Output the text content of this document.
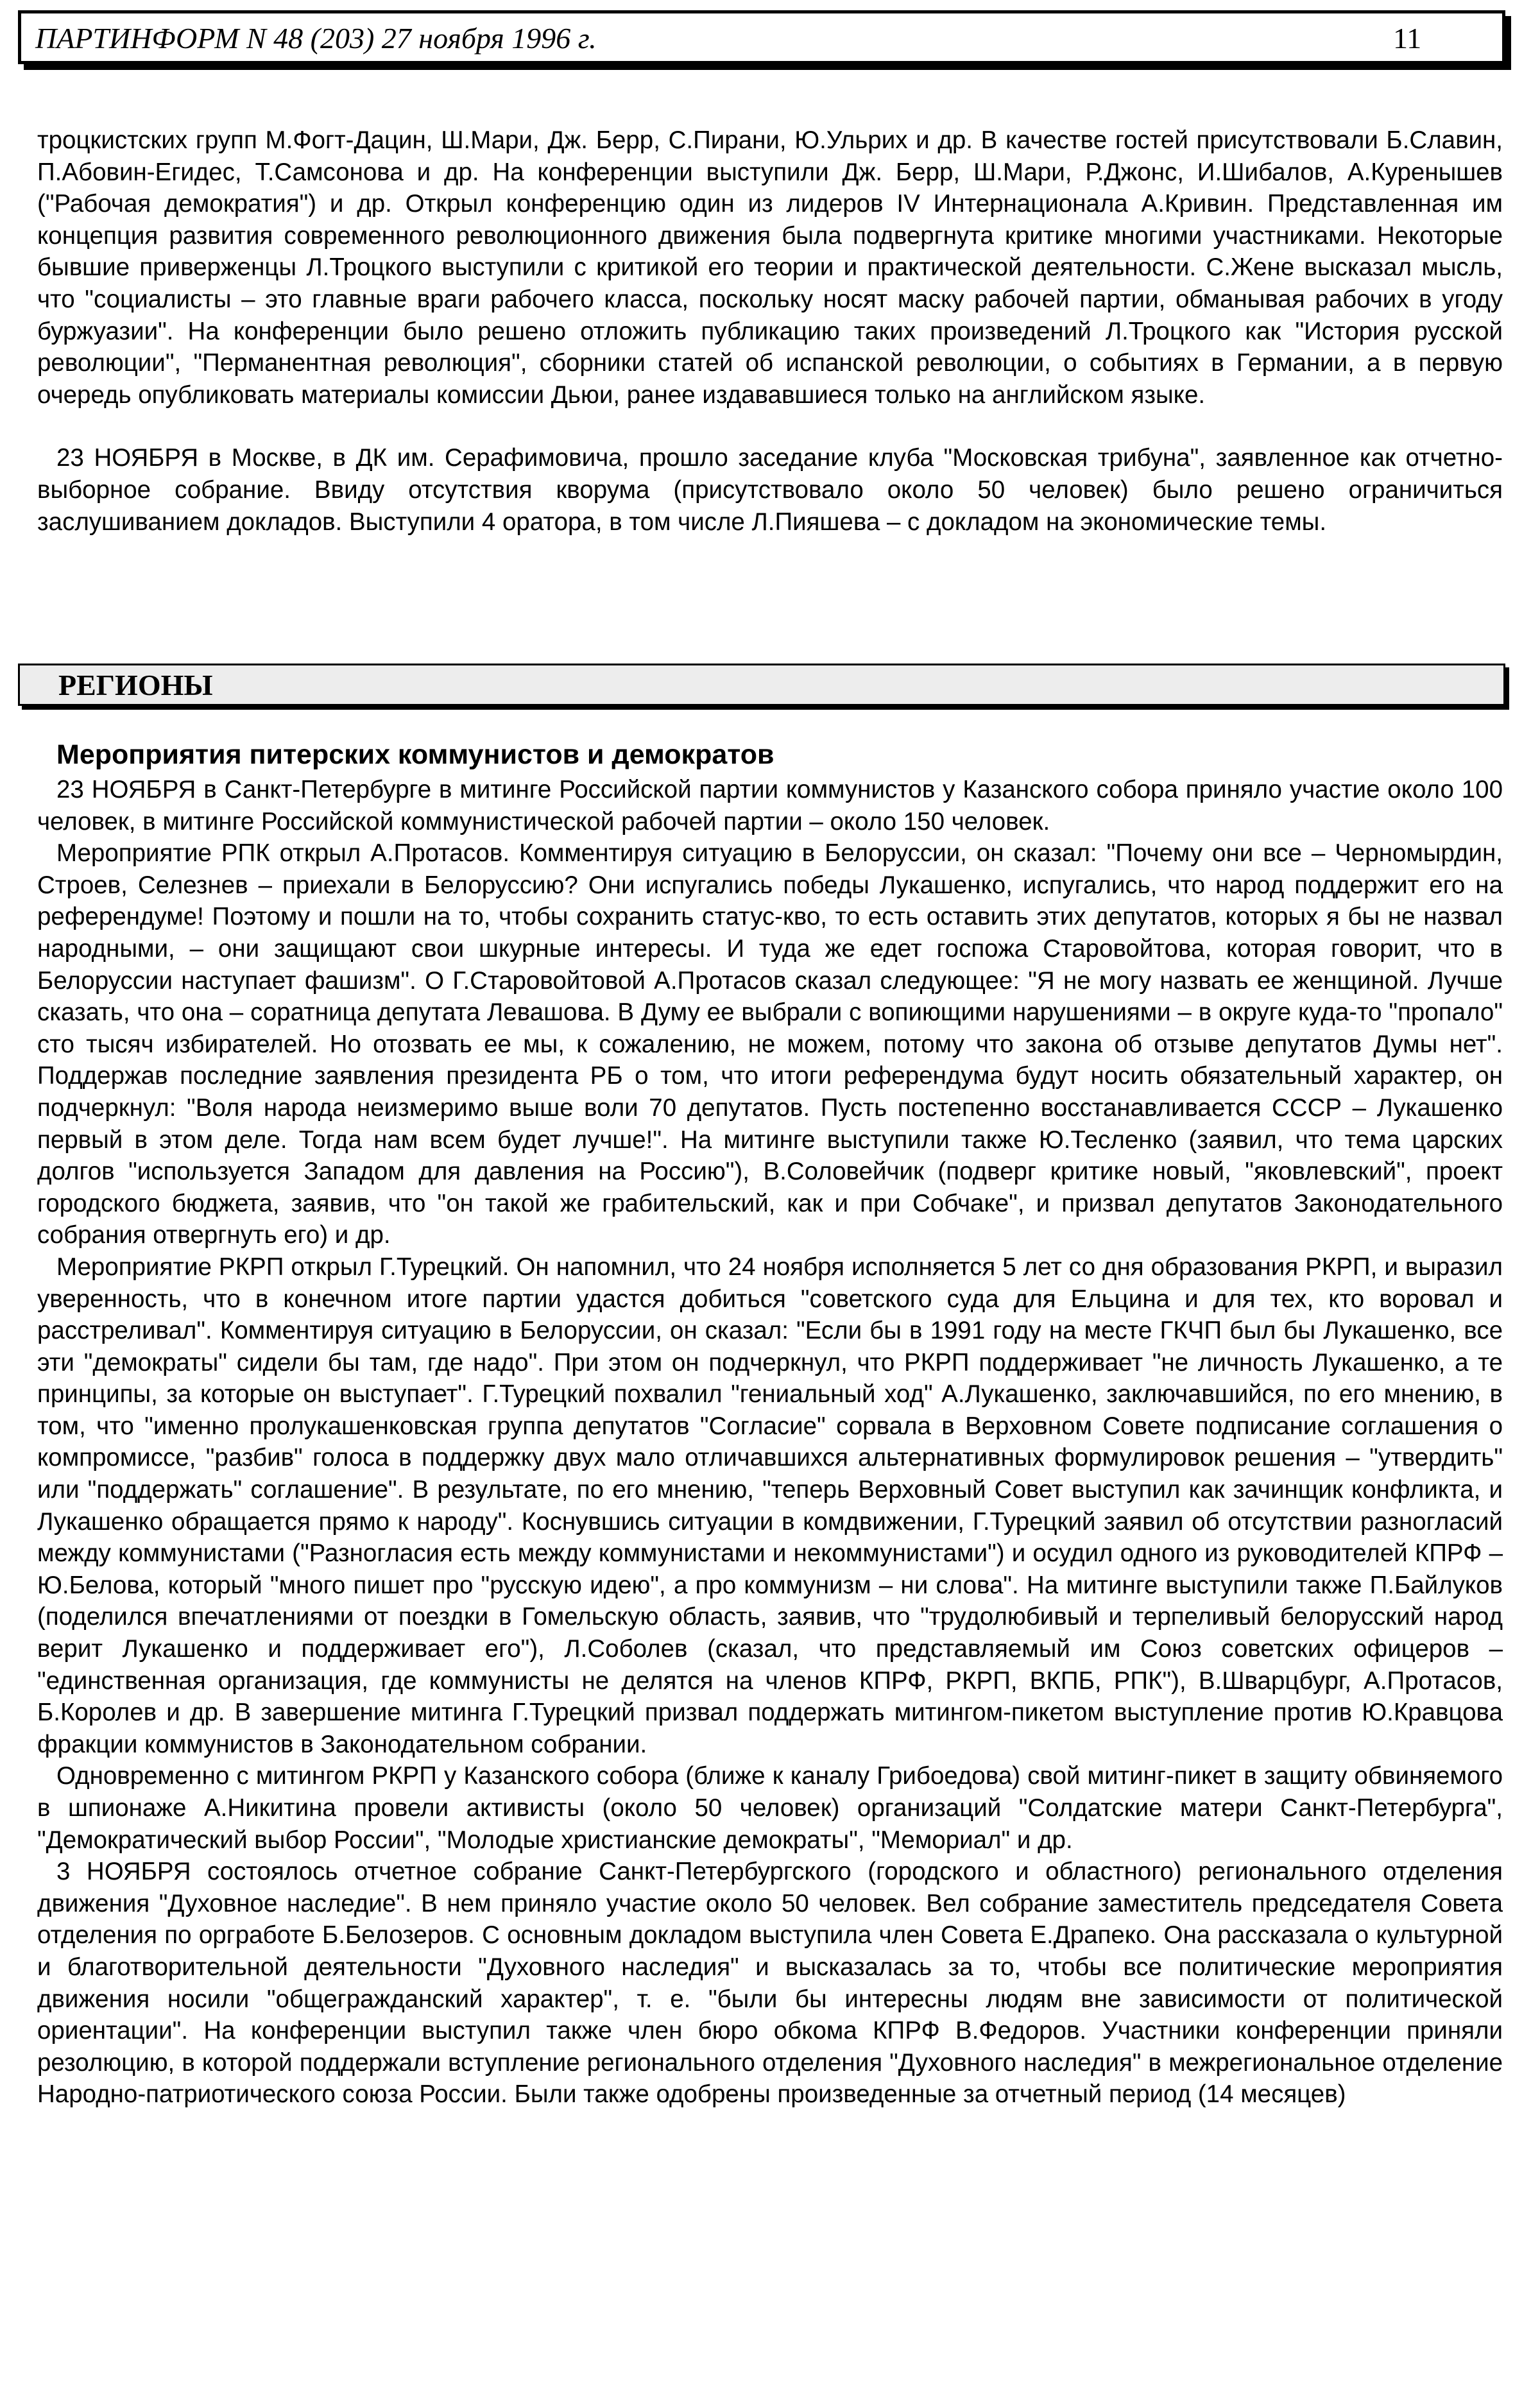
ПАРТИНФОРМ N 48 (203) 27 ноября 1996 г.	11

троцкистских групп М.Фогт-Дацин, Ш.Мари, Дж. Берр, С.Пирани, Ю.Ульрих и др. В качестве гостей присутствовали Б.Славин, П.Абовин-Егидес, Т.Самсонова и др. На конференции выступили Дж. Берр, Ш.Мари, Р.Джонс, И.Шибалов, А.Куренышев ("Рабочая демократия") и др. Открыл конференцию один из лидеров IV Интернационала А.Кривин. Представленная им концепция развития современного революционного движения была подвергнута критике многими участниками. Некоторые бывшие приверженцы Л.Троцкого выступили с критикой его теории и практической деятельности. С.Жене высказал мысль, что "социалисты – это главные враги рабочего класса, поскольку носят маску рабочей партии, обманывая рабочих в угоду буржуазии". На конференции было решено отложить публикацию таких произведений Л.Троцкого как "История русской революции", "Перманентная революция", сборники статей об испанской революции, о событиях в Германии, а в первую очередь опубликовать материалы комиссии Дьюи, ранее издававшиеся только на английском языке.

23 НОЯБРЯ в Москве, в ДК им. Серафимовича, прошло заседание клуба "Московская трибуна", заявленное как отчетно-выборное собрание. Ввиду отсутствия кворума (присутствовало около 50 человек) было решено ограничиться заслушиванием докладов. Выступили 4 оратора, в том числе Л.Пияшева – с докладом на экономические темы.

РЕГИОНЫ
Мероприятия питерских коммунистов и демократов

23 НОЯБРЯ в Санкт-Петербурге в митинге Российской партии коммунистов у Казанского собора приняло участие около 100 человек, в митинге Российской коммунистической рабочей партии – около 150 человек.

Мероприятие РПК открыл А.Протасов. Комментируя ситуацию в Белоруссии, он сказал: "Почему они все – Черномырдин, Строев, Селезнев – приехали в Белоруссию? Они испугались победы Лукашенко, испугались, что народ поддержит его на референдуме! Поэтому и пошли на то, чтобы сохранить статус-кво, то есть оставить этих депутатов, которых я бы не назвал народными, – они защищают свои шкурные интересы. И туда же едет госпожа Старовойтова, которая говорит, что в Белоруссии наступает фашизм". О Г.Старовойтовой А.Протасов сказал следующее: "Я не могу назвать ее женщиной. Лучше сказать, что она – соратница депутата Левашова. В Думу ее выбрали с вопиющими нарушениями – в округе куда-то "пропало" сто тысяч избирателей. Но отозвать ее мы, к сожалению, не можем, потому что закона об отзыве депутатов Думы нет". Поддержав последние заявления президента РБ о том, что итоги референдума будут носить обязательный характер, он подчеркнул: "Воля народа неизмеримо выше воли 70 депутатов. Пусть постепенно восстанавливается СССР – Лукашенко первый в этом деле. Тогда нам всем будет лучше!". На митинге выступили также Ю.Тесленко (заявил, что тема царских долгов "используется Западом для давления на Россию"), В.Соловейчик (подверг критике новый, "яковлевский", проект городского бюджета, заявив, что "он такой же грабительский, как и при Собчаке", и призвал депутатов Законодательного собрания отвергнуть его) и др.

Мероприятие РКРП открыл Г.Турецкий. Он напомнил, что 24 ноября исполняется 5 лет со дня образования РКРП, и выразил уверенность, что в конечном итоге партии удастся добиться "советского суда для Ельцина и для тех, кто воровал и расстреливал". Комментируя ситуацию в Белоруссии, он сказал: "Если бы в 1991 году на месте ГКЧП был бы Лукашенко, все эти "демократы" сидели бы там, где надо". При этом он подчеркнул, что РКРП поддерживает "не личность Лукашенко, а те принципы, за которые он выступает". Г.Турецкий похвалил "гениальный ход" А.Лукашенко, заключавшийся, по его мнению, в том, что "именно пролукашенковская группа депутатов "Согласие" сорвала в Верховном Совете подписание соглашения о компромиссе, "разбив" голоса в поддержку двух мало отличавшихся альтернативных формулировок решения – "утвердить" или "поддержать" соглашение". В результате, по его мнению, "теперь Верховный Совет выступил как зачинщик конфликта, и Лукашенко обращается прямо к народу". Коснувшись ситуации в комдвижении, Г.Турецкий заявил об отсутствии разногласий между коммунистами ("Разногласия есть между коммунистами и некоммунистами") и осудил одного из руководителей КПРФ – Ю.Белова, который "много пишет про "русскую идею", а про коммунизм – ни слова". На митинге выступили также П.Байлуков (поделился впечатлениями от поездки в Гомельскую область, заявив, что "трудолюбивый и терпеливый белорусский народ верит Лукашенко и поддерживает его"), Л.Соболев (сказал, что представляемый им Союз советских офицеров – "единственная организация, где коммунисты не делятся на членов КПРФ, РКРП, ВКПБ, РПК"), В.Шварцбург, А.Протасов, Б.Королев и др. В завершение митинга Г.Турецкий призвал поддержать митингом-пикетом выступление против Ю.Кравцова фракции коммунистов в Законодательном собрании.

Одновременно с митингом РКРП у Казанского собора (ближе к каналу Грибоедова) свой митинг-пикет в защиту обвиняемого в шпионаже А.Никитина провели активисты (около 50 человек) организаций "Солдатские матери Санкт-Петербурга", "Демократический выбор России", "Молодые христианские демократы", "Мемориал" и др.

3 НОЯБРЯ состоялось отчетное собрание Санкт-Петербургского (городского и областного) регионального отделения движения "Духовное наследие". В нем приняло участие около 50 человек. Вел собрание заместитель председателя Совета отделения по оргработе Б.Белозеров. С основным докладом выступила член Совета Е.Драпеко. Она рассказала о культурной и благотворительной деятельности "Духовного наследия" и высказалась за то, чтобы все политические мероприятия движения носили "общегражданский характер", т. е. "были бы интересны людям вне зависимости от политической ориентации". На конференции выступил также член бюро обкома КПРФ В.Федоров. Участники конференции приняли резолюцию, в которой поддержали вступление регионального отделения "Духовного наследия" в межрегиональное отделение Народно-патриотического союза России. Были также одобрены произведенные за отчетный период (14 месяцев)
